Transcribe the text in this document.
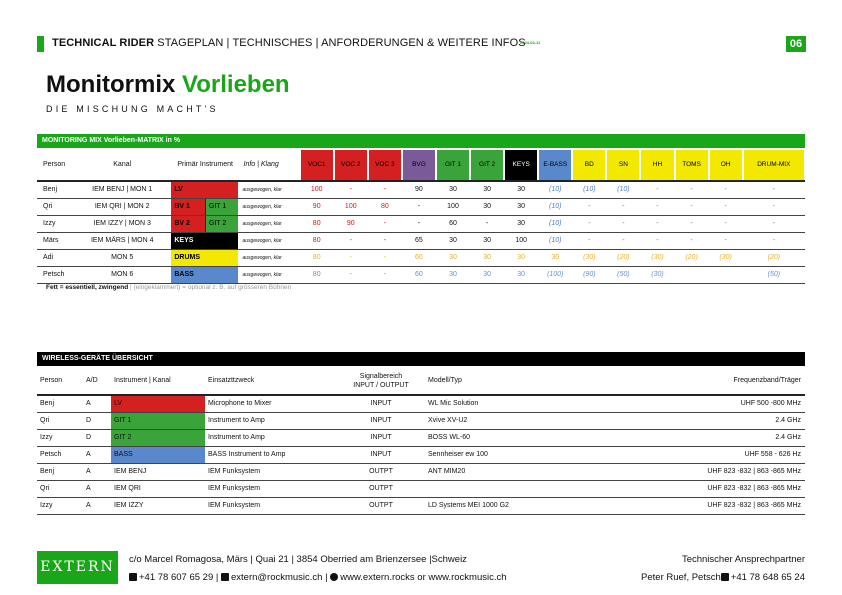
TECHNICAL RIDER STAGEPLAN | TECHNISCHES | ANFORDERUNGEN & WEITERE INFOS
2024-03-11	06
Monitormix Vorlieben
DIE MISCHUNG MACHT'S
MONITORING MIX Vorlieben-MATRIX in %
Person	Kanal	Primär Instrument		Info | Klang	VOC1	VOC 2	VOC 3	BVG	GIT 1	GIT 2	KEYS	E-BASS	BD	SN	HH	TOMS	OH	DRUM-MIX

Benj	IEM BENJ | MON 1	LV		ausgewogen, klar	100	-	-	90	30	30	30	(10)	(10)	(10)	-	-	-	-
Qri	IEM QRI | MON 2	BV 1	GIT 1	ausgewogen, klar	90	100	80	-	100	30	30	(10)	-	-	-	-	-	-
Izzy	IEM IZZY | MON 3	BV 2	GIT 2	ausgewogen, klar	80	90	-	-	60	-	30	(10)	-	-	-	-	-	-
Märs	IEM MÄRS | MON 4	KEYS		ausgewogen, klar	80	-	-	65	30	30	100	(10)	-	-	-	-	-	-
Adi	MON 5	DRUMS		ausgewogen, klar	80	-	-	60	30	30	30	30	(30)	(20)	(30)	(20)	(30)	(20)
Petsch	MON 6	BASS		ausgewogen, klar	80	-	-	60	30	30	30	(100)	(90)	(50)	(30)			(50)
Fett = essentiell, zwingend | (eingeklammert) = optional z. B. auf grösseren Bühnen
WIRELESS-GERÄTE ÜBERSICHT
Person	A/D	Instrument | Kanal	Einsatzttzweck	Signalbereich
INPUT / OUTPUT	Modell/Typ	Frequenzband/Träger
Benj	A	LV	Microphone to Mixer	INPUT	WL Mic Solution	UHF 500 -800 MHz
Qri	D	GIT 1	Instrument to Amp	INPUT	Xvive XV-U2	2.4 GHz
Izzy	D	GIT 2	Instrument to Amp	INPUT	BOSS WL-60	2.4 GHz
Petsch	A	BASS	BASS Instrument to Amp	INPUT	Sennheiser ew 100	UHF 558 - 626 Hz
Benj	A	IEM BENJ	IEM Funksystem	OUTPT	ANT MIM20	UHF 823 -832 | 863 -865 MHz
Qri	A	IEM QRI	IEM Funksystem	OUTPT		UHF 823 -832 | 863 -865 MHz
Izzy	A	IEM IZZY	IEM Funksystem	OUTPT	LD Systems MEI 1000 G2	UHF 823 -832 | 863 -865 MHz
EXTERN	c/o Marcel Romagosa, Märs | Quai 21 | 3854 Oberried am Brienzersee |Schweiz
+41 78 607 65 29 | extern@rockmusic.ch | www.extern.rocks or www.rockmusic.ch
Technischer Ansprechpartner
Peter Ruef, Petsch +41 78 648 65 24
